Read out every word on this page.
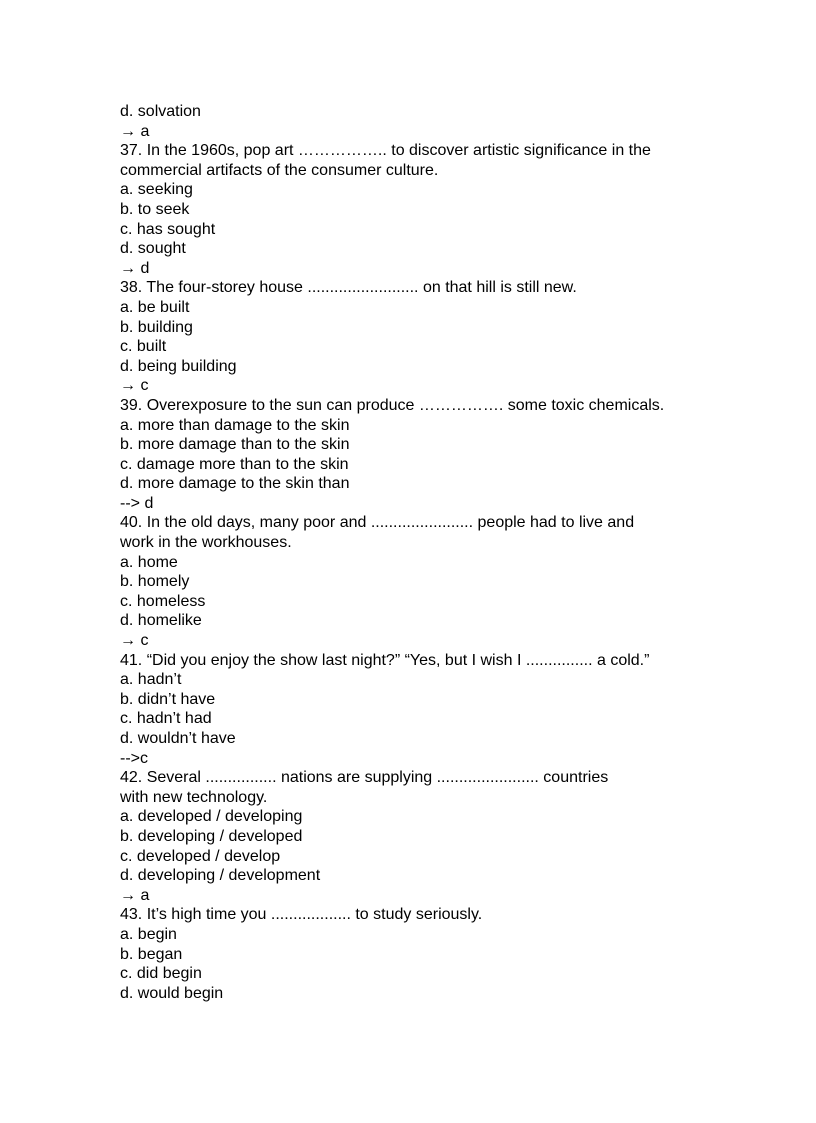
d. solvation

→ a

37. In the 1960s, pop art …………….. to discover artistic significance in the

commercial artifacts of the consumer culture.

a. seeking

b. to seek

c. has sought

d. sought

→ d

38. The four-storey house ......................... on that hill is still new.

a. be built

b. building

c. built

d. being building

→ c

39. Overexposure to the sun can produce ……………. some toxic chemicals.

a. more than damage to the skin

b. more damage than to the skin

c. damage more than to the skin

d. more damage to the skin than

--> d

40. In the old days, many poor and ....................... people had to live and

work in the workhouses.

a. home

b. homely

c. homeless

d. homelike

→ c

41. “Did you enjoy the show last night?” “Yes, but I wish I ............... a cold.”

a. hadn’t

b. didn’t have

c. hadn’t had

d. wouldn’t have

-->c

42. Several ................ nations are supplying ....................... countries

with new technology.

a. developed / developing

b. developing / developed

c. developed / develop

d. developing / development

→ a

43. It’s high time you .................. to study seriously.

a. begin

b. began

c. did begin

d. would begin
